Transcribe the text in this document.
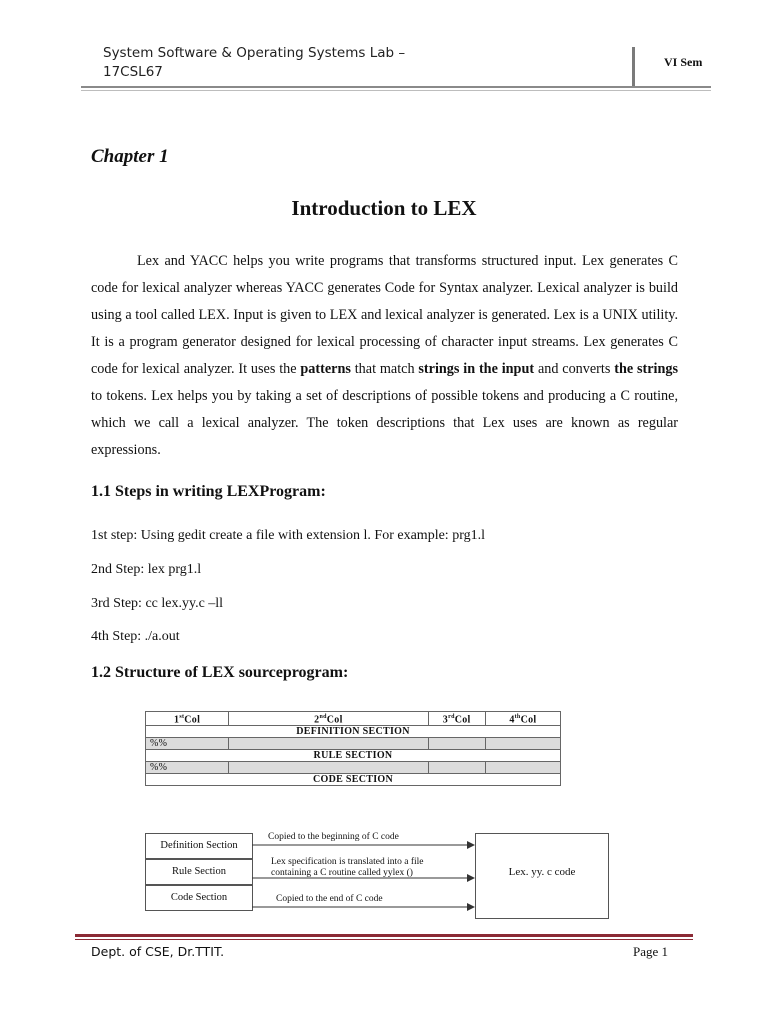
System Software & Operating Systems Lab –
17CSL67
VI Sem
Chapter 1
Introduction to LEX
Lex and YACC helps you write programs that transforms structured input. Lex generates C code for lexical analyzer whereas YACC generates Code for Syntax analyzer. Lexical analyzer is build using a tool called LEX. Input is given to LEX and lexical analyzer is generated. Lex is a UNIX utility. It is a program generator designed for lexical processing of character input streams. Lex generates C code for lexical analyzer. It uses the patterns that match strings in the input and converts the strings to tokens. Lex helps you by taking a set of descriptions of possible tokens and producing a C routine, which we call a lexical analyzer. The token descriptions that Lex uses are known as regular expressions.
1.1 Steps in writing LEXProgram:
1st step: Using gedit create a file with extension l. For example: prg1.l
2nd Step: lex prg1.l
3rd Step: cc lex.yy.c –ll
4th Step: ./a.out
1.2 Structure of LEX sourceprogram:
1stCol	2ndCol	3rdCol	4thCol
DEFINITION SECTION			
%%			
RULE SECTION			
%%			
CODE SECTION			
Definition Section
Rule Section
Code Section
Copied to the beginning of C code
Lex specification is translated into a file
containing a C routine called yylex ()
Copied to the end of C code
Lex. yy. c code
Dept. of CSE, Dr.TTIT.	Page 1
